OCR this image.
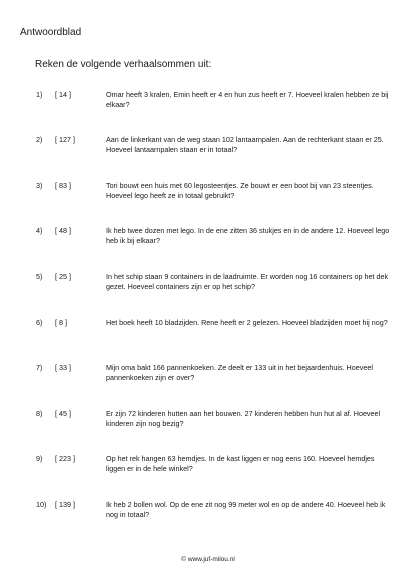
Antwoordblad
Reken de volgende verhaalsommen uit:
1) [ 14 ]	Omar heeft 3 kralen, Emin heeft er 4 en hun zus heeft er 7. Hoeveel kralen hebben ze bij elkaar?
2) [ 127 ]	Aan de linkerkant van de weg staan 102 lantaarnpalen. Aan de rechterkant staan er 25. Hoeveel lantaarnpalen staan er in totaal?
3) [ 83 ]	Tori bouwt een huis met 60 legosteentjes. Ze bouwt er een boot bij van 23 steentjes. Hoeveel lego heeft ze in totaal gebruikt?
4) [ 48 ]	Ik heb twee dozen met lego. In de ene zitten 36 stukjes en in de andere 12. Hoeveel lego heb ik bij elkaar?
5) [ 25 ]	In het schip staan 9 containers in de laadruimte. Er worden nog 16 containers op het dek gezet. Hoeveel containers zijn er op het schip?
6) [ 8 ]	Het boek heeft 10 bladzijden. Rene heeft er 2 gelezen. Hoeveel bladzijden moet hij nog?
7) [ 33 ]	Mijn oma bakt 166 pannenkoeken. Ze deelt er 133 uit in het bejaardenhuis. Hoeveel pannenkoeken zijn er over?
8) [ 45 ]	Er zijn 72 kinderen hutten aan het bouwen. 27 kinderen hebben hun hut al af. Hoeveel kinderen zijn nog bezig?
9) [ 223 ]	Op het rek hangen 63 hemdjes. In de kast liggen er nog eens 160. Hoeveel hemdjes liggen er in de hele winkel?
10) [ 139 ]	Ik heb 2 bollen wol. Op de ene zit nog 99 meter wol en op de andere 40. Hoeveel heb ik nog in totaal?
© www.juf-milou.nl
